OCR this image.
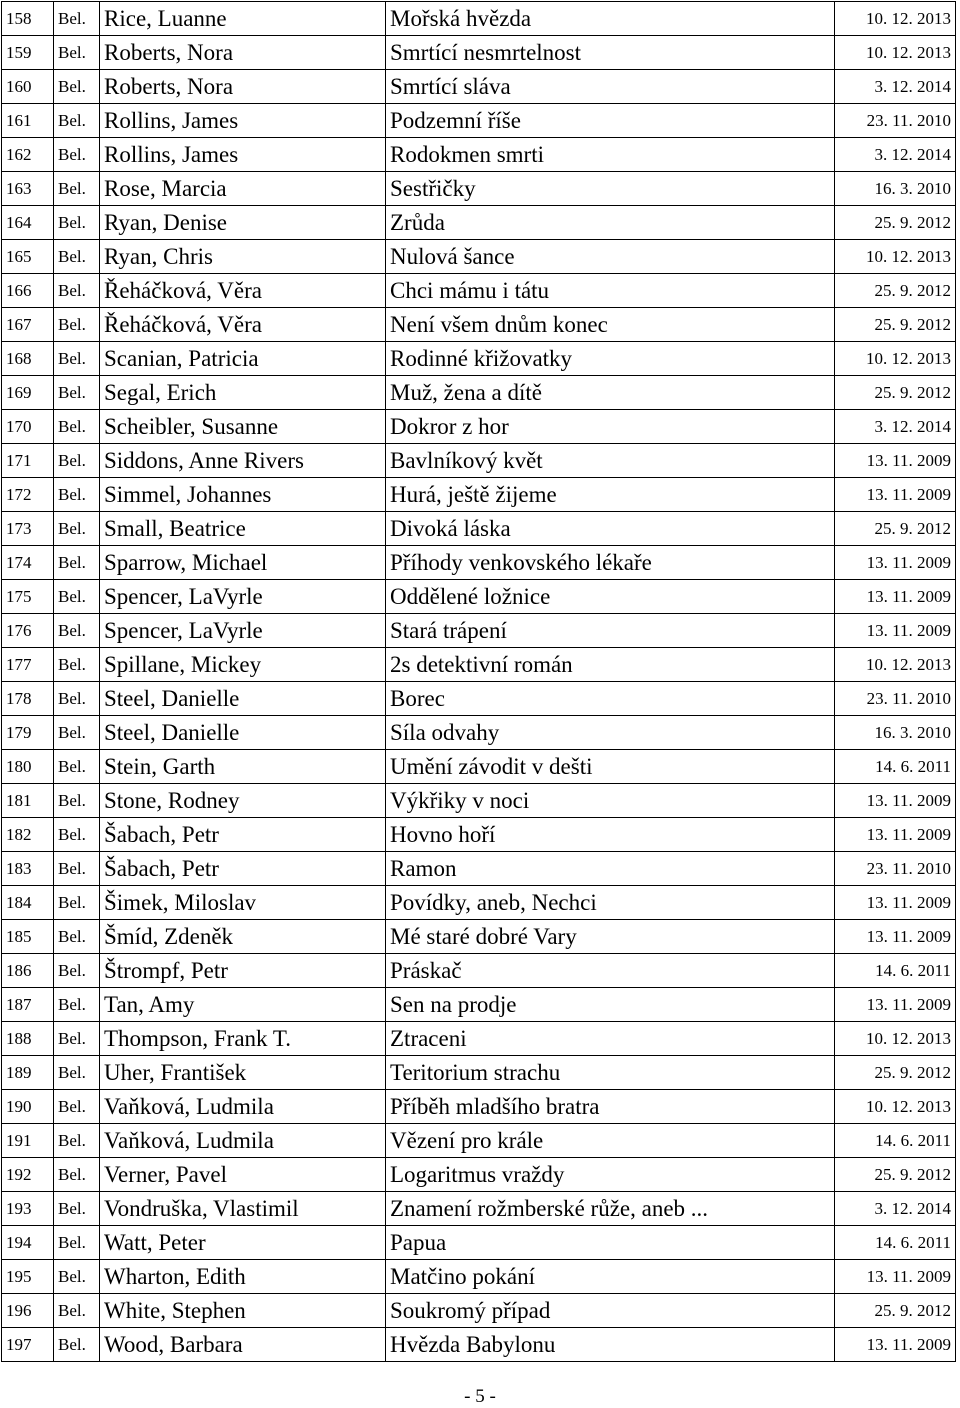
158	Bel.	Rice, Luanne	Mořská hvězda	10. 12. 2013
159	Bel.	Roberts, Nora	Smrtící nesmrtelnost	10. 12. 2013
160	Bel.	Roberts, Nora	Smrtící sláva	3. 12. 2014
161	Bel.	Rollins, James	Podzemní říše	23. 11. 2010
162	Bel.	Rollins, James	Rodokmen smrti	3. 12. 2014
163	Bel.	Rose, Marcia	Sestřičky	16. 3. 2010
164	Bel.	Ryan, Denise	Zrůda	25. 9. 2012
165	Bel.	Ryan, Chris	Nulová šance	10. 12. 2013
166	Bel.	Řeháčková, Věra	Chci mámu i tátu	25. 9. 2012
167	Bel.	Řeháčková, Věra	Není všem dnům konec	25. 9. 2012
168	Bel.	Scanian, Patricia	Rodinné křižovatky	10. 12. 2013
169	Bel.	Segal, Erich	Muž, žena a dítě	25. 9. 2012
170	Bel.	Scheibler, Susanne	Dokror z hor	3. 12. 2014
171	Bel.	Siddons, Anne Rivers	Bavlníkový květ	13. 11. 2009
172	Bel.	Simmel, Johannes	Hurá, ještě žijeme	13. 11. 2009
173	Bel.	Small, Beatrice	Divoká láska	25. 9. 2012
174	Bel.	Sparrow, Michael	Příhody venkovského lékaře	13. 11. 2009
175	Bel.	Spencer, LaVyrle	Oddělené ložnice	13. 11. 2009
176	Bel.	Spencer, LaVyrle	Stará trápení	13. 11. 2009
177	Bel.	Spillane, Mickey	2s detektivní román	10. 12. 2013
178	Bel.	Steel, Danielle	Borec	23. 11. 2010
179	Bel.	Steel, Danielle	Síla odvahy	16. 3. 2010
180	Bel.	Stein, Garth	Umění závodit v dešti	14. 6. 2011
181	Bel.	Stone, Rodney	Výkřiky v noci	13. 11. 2009
182	Bel.	Šabach, Petr	Hovno hoří	13. 11. 2009
183	Bel.	Šabach, Petr	Ramon	23. 11. 2010
184	Bel.	Šimek, Miloslav	Povídky, aneb, Nechci	13. 11. 2009
185	Bel.	Šmíd, Zdeněk	Mé staré dobré Vary	13. 11. 2009
186	Bel.	Štrompf, Petr	Práskač	14. 6. 2011
187	Bel.	Tan, Amy	Sen na prodje	13. 11. 2009
188	Bel.	Thompson, Frank T.	Ztraceni	10. 12. 2013
189	Bel.	Uher, František	Teritorium strachu	25. 9. 2012
190	Bel.	Vaňková, Ludmila	Příběh mladšího bratra	10. 12. 2013
191	Bel.	Vaňková, Ludmila	Vězení pro krále	14. 6. 2011
192	Bel.	Verner, Pavel	Logaritmus vraždy	25. 9. 2012
193	Bel.	Vondruška, Vlastimil	Znamení rožmberské růže, aneb ...	3. 12. 2014
194	Bel.	Watt, Peter	Papua	14. 6. 2011
195	Bel.	Wharton, Edith	Matčino pokání	13. 11. 2009
196	Bel.	White, Stephen	Soukromý případ	25. 9. 2012
197	Bel.	Wood, Barbara	Hvězda Babylonu	13. 11. 2009
- 5 -
